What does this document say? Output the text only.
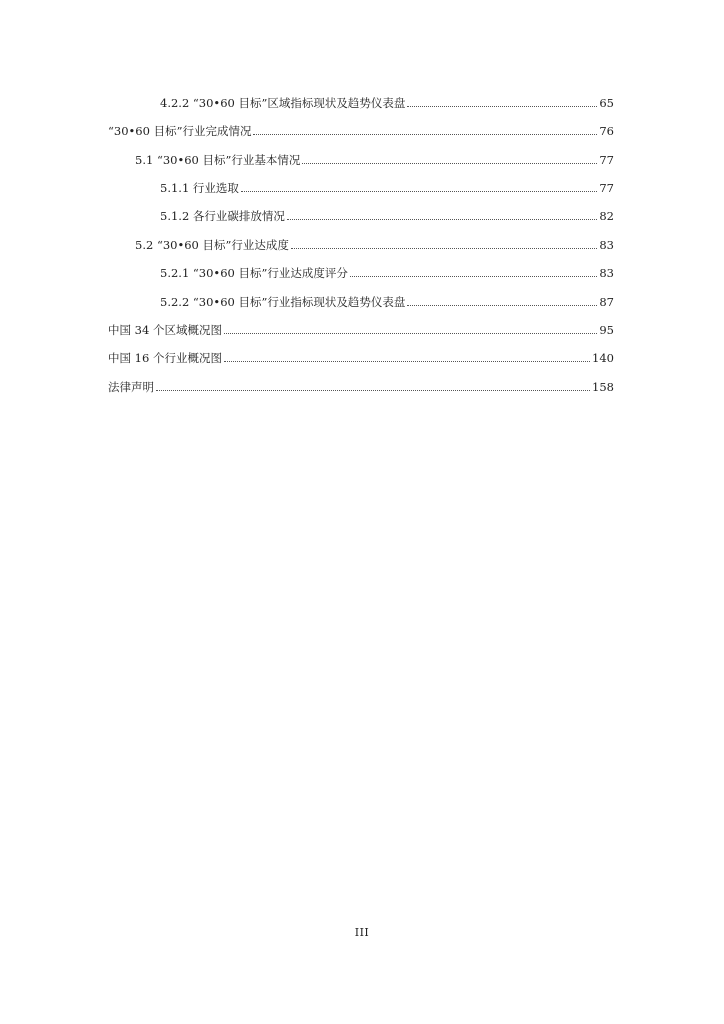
4.2.2 “30•60 目标”区域指标现状及趋势仪表盘	65
“30•60 目标”行业完成情况	76
5.1 “30•60 目标”行业基本情况	77
5.1.1 行业选取	77
5.1.2 各行业碳排放情况	82
5.2 “30•60 目标”行业达成度	83
5.2.1 “30•60 目标”行业达成度评分	83
5.2.2 “30•60 目标”行业指标现状及趋势仪表盘	87
中国 34 个区域概况图	95
中国 16 个行业概况图	140
法律声明	158
III
